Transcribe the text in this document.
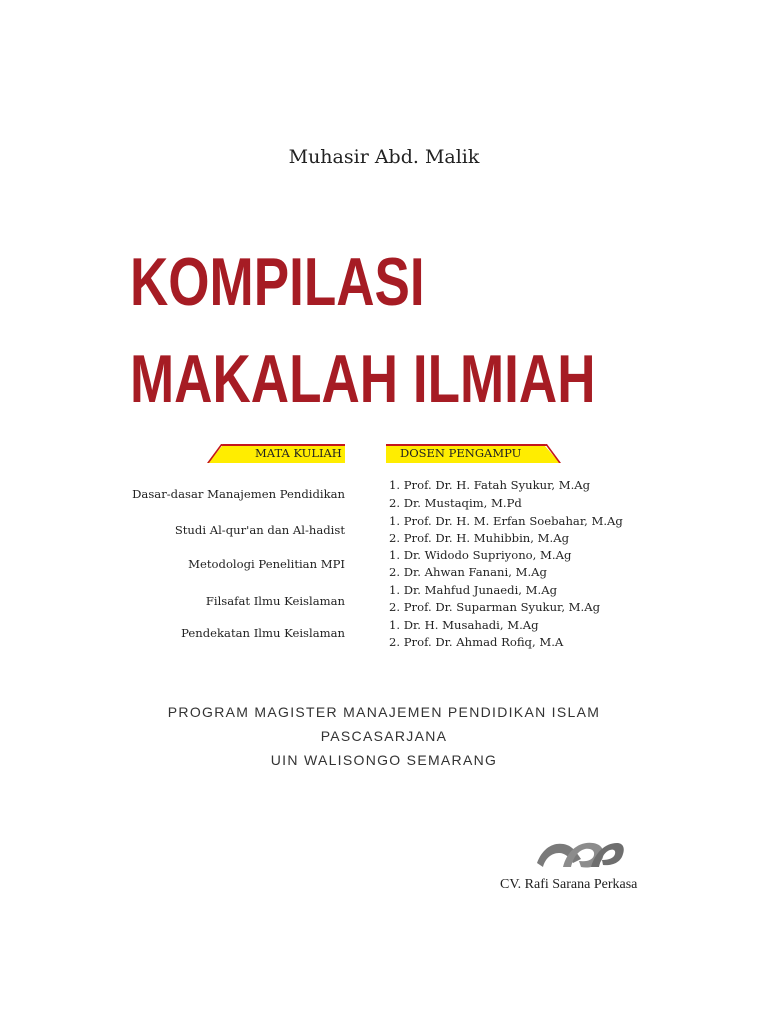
Muhasir Abd. Malik
KOMPILASI
MAKALAH ILMIAH
MATA KULIAH	DOSEN PENGAMPU
Dasar-dasar Manajemen Pendidikan
Studi Al-qur'an dan Al-hadist
Metodologi Penelitian MPI
Filsafat Ilmu Keislaman
Pendekatan Ilmu Keislaman
1. Prof. Dr. H. Fatah Syukur, M.Ag
2. Dr. Mustaqim, M.Pd
1. Prof. Dr. H. M. Erfan Soebahar, M.Ag
2. Prof. Dr. H. Muhibbin, M.Ag
1. Dr. Widodo Supriyono, M.Ag
2. Dr. Ahwan Fanani, M.Ag
1. Dr. Mahfud Junaedi, M.Ag
2. Prof. Dr. Suparman Syukur, M.Ag
1. Dr. H. Musahadi, M.Ag
2. Prof. Dr. Ahmad Rofiq, M.A
PROGRAM MAGISTER MANAJEMEN PENDIDIKAN ISLAM
PASCASARJANA
UIN WALISONGO SEMARANG
CV. Rafi Sarana Perkasa
